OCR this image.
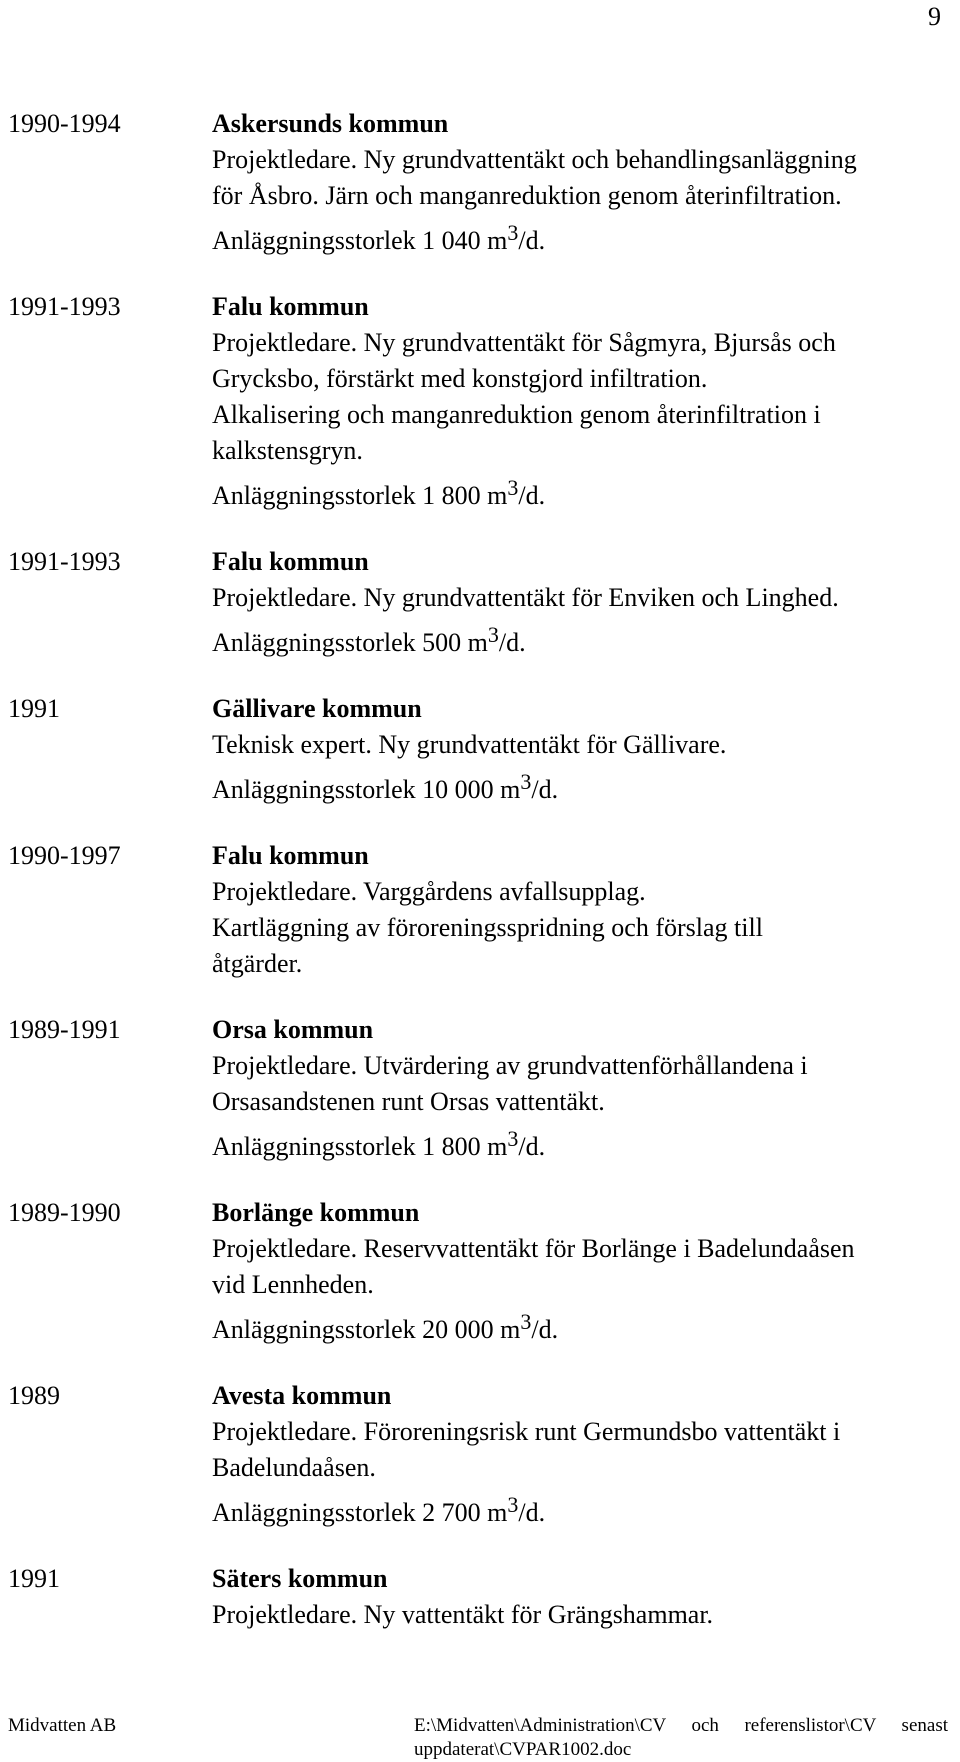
9
1990-1994	Askersunds kommun
Projektledare. Ny grundvattentäkt och behandlingsanläggning
för Åsbro. Järn och manganreduktion genom återinfiltration.
Anläggningsstorlek 1 040 $m^3/d$.
1991-1993	Falu kommun
Projektledare. Ny grundvattentäkt för Sågmyra, Bjursås och
Grycksbo, förstärkt med konstgjord infiltration.
Alkalisering och manganreduktion genom återinfiltration i
kalkstensgryn.
Anläggningsstorlek 1 800 $m^3/d$.
1991-1993	Falu kommun
Projektledare. Ny grundvattentäkt för Enviken och Linghed.
Anläggningsstorlek 500 $m^3/d$.
1991	Gällivare kommun
Teknisk expert. Ny grundvattentäkt för Gällivare.
Anläggningsstorlek 10 000 $m^3/d$.
1990-1997	Falu kommun
Projektledare. Varggårdens avfallsupplag.
Kartläggning av föroreningsspridning och förslag till
åtgärder.
1989-1991	Orsa kommun
Projektledare. Utvärdering av grundvattenförhållandena i
Orsasandstenen runt Orsas vattentäkt.
Anläggningsstorlek 1 800 $m^3/d$.
1989-1990	Borlänge kommun
Projektledare. Reservvattentäkt för Borlänge i Badelundaåsen
vid Lennheden.
Anläggningsstorlek 20 000 $m^3/d$.
1989	Avesta kommun
Projektledare. Föroreningsrisk runt Germundsbo vattentäkt i
Badelundaåsen.
Anläggningsstorlek 2 700 $m^3/d$.
1991	Säters kommun
Projektledare. Ny vattentäkt för Grängshammar.
Midvatten AB	E:\Midvatten\Administration\CV och referenslistor\CV senast uppdaterat\CVPAR1002.doc
